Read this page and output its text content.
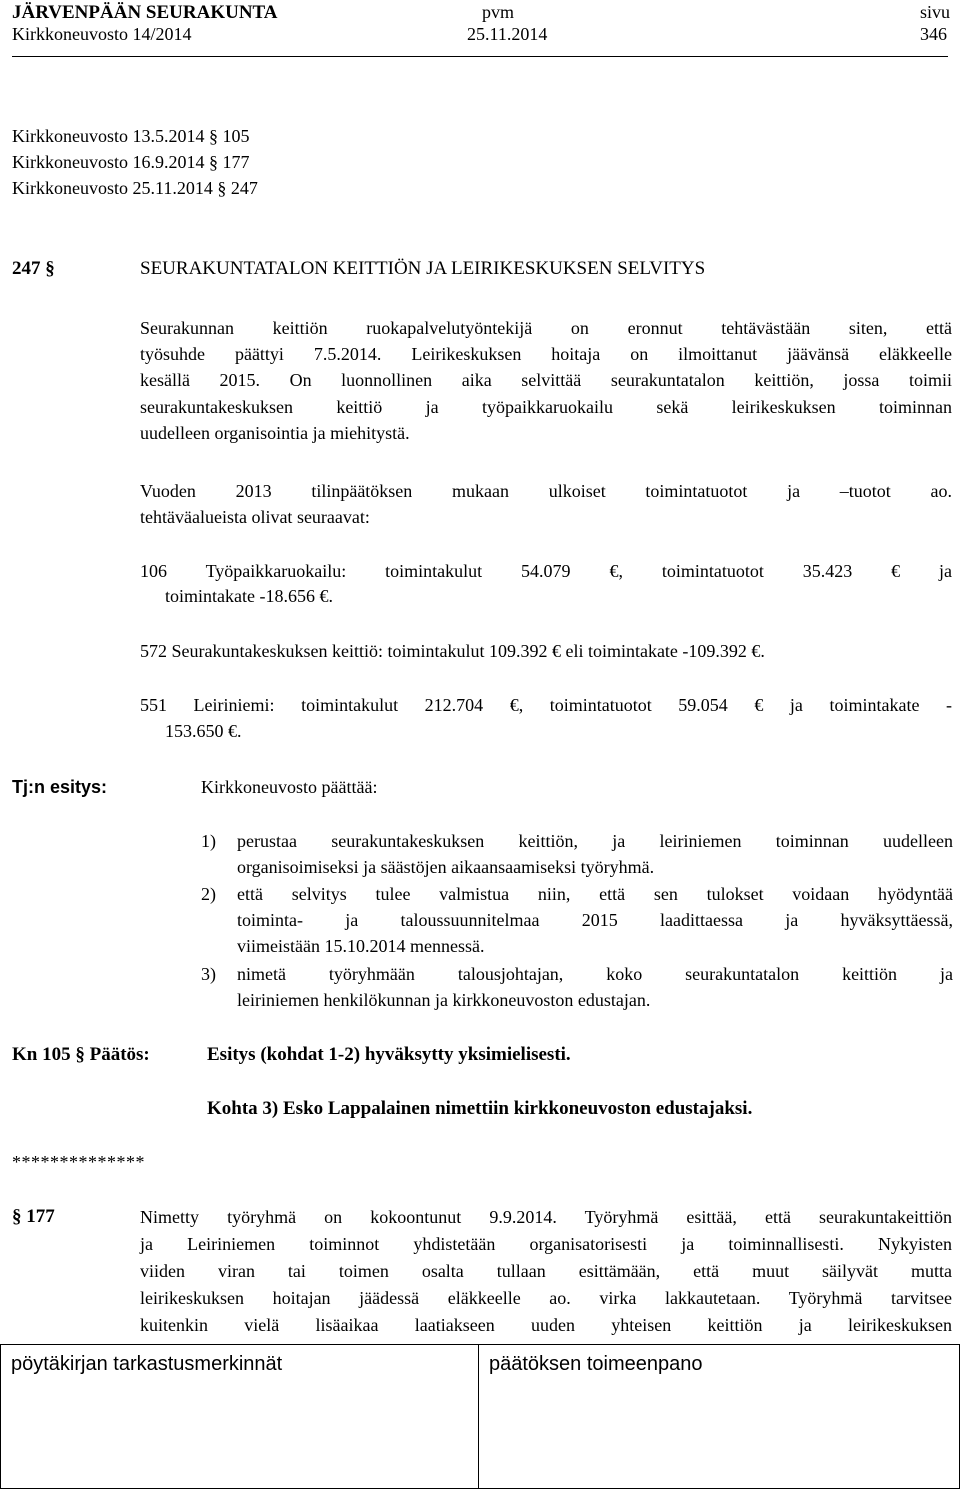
JÄRVENPÄÄN SEURAKUNTA	pvm	sivu
Kirkkoneuvosto 14/2014	25.11.2014	346
Kirkkoneuvosto 13.5.2014 § 105
Kirkkoneuvosto 16.9.2014 § 177
Kirkkoneuvosto 25.11.2014 § 247
247 §	SEURAKUNTATALON KEITTIÖN JA LEIRIKESKUKSEN SELVITYS
Seurakunnan keittiön ruokapalvelutyöntekijä on eronnut tehtävästään siten, että
työsuhde päättyi 7.5.2014. Leirikeskuksen hoitaja on ilmoittanut jäävänsä eläkkeelle
kesällä 2015. On luonnollinen aika selvittää seurakuntatalon keittiön, jossa toimii
seurakuntakeskuksen keittiö ja työpaikkaruokailu sekä leirikeskuksen toiminnan
uudelleen organisointia ja miehitystä.
Vuoden 2013 tilinpäätöksen mukaan ulkoiset toimintatuotot ja –tuotot ao.
tehtäväalueista olivat seuraavat:
106 Työpaikkaruokailu: toimintakulut 54.079 €, toimintatuotot 35.423 € ja
toimintakate -18.656 €.
572 Seurakuntakeskuksen keittiö: toimintakulut 109.392 € eli toimintakate -109.392 €.
551 Leiriniemi: toimintakulut 212.704 €, toimintatuotot 59.054 € ja toimintakate -
153.650 €.
Tj:n esitys:	Kirkkoneuvosto päättää:
1) perustaa seurakuntakeskuksen keittiön, ja leiriniemen toiminnan uudelleen
organisoimiseksi ja säästöjen aikaansaamiseksi työryhmä.
2) että selvitys tulee valmistua niin, että sen tulokset voidaan hyödyntää
toiminta- ja taloussuunnitelmaa 2015 laadittaessa ja hyväksyttäessä,
viimeistään 15.10.2014 mennessä.
3) nimetä työryhmään talousjohtajan, koko seurakuntatalon keittiön ja
leiriniemen henkilökunnan ja kirkkoneuvoston edustajan.
Kn 105 § Päätös:	Esitys (kohdat 1-2) hyväksytty yksimielisesti.
Kohta 3) Esko Lappalainen nimettiin kirkkoneuvoston edustajaksi.
**************
§ 177	Nimetty työryhmä on kokoontunut 9.9.2014. Työryhmä esittää, että seurakuntakeittiön
ja Leiriniemen toiminnot yhdistetään organisatorisesti ja toiminnallisesti. Nykyisten
viiden viran tai toimen osalta tullaan esittämään, että muut säilyvät mutta
leirikeskuksen hoitajan jäädessä eläkkeelle ao. virka lakkautetaan. Työryhmä tarvitsee
kuitenkin vielä lisäaikaa laatiakseen uuden yhteisen keittiön ja leirikeskuksen
pöytäkirjan tarkastusmerkinnät	päätöksen toimeenpano
